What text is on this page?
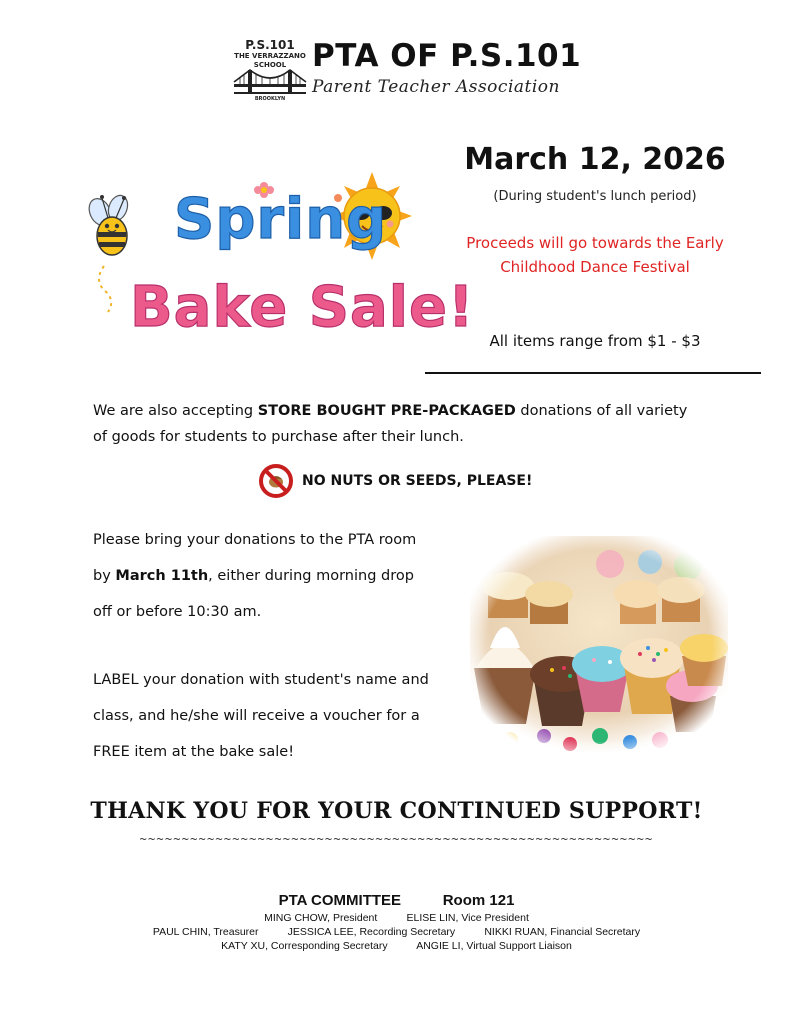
P.S.101
THE VERRAZZANO
SCHOOL
BROOKLYN
PTA OF P.S.101
Parent Teacher Association
Spring
Bake Sale!
March 12, 2026
(During student's lunch period)
Proceeds will go towards the Early
Childhood Dance Festival
All items range from $1 - $3
We are also accepting STORE BOUGHT PRE-PACKAGED donations of all variety
of goods for students to purchase after their lunch.
NO NUTS OR SEEDS, PLEASE!
Please bring your donations to the PTA room
by March 11th, either during morning drop
off or before 10:30 am.
LABEL your donation with student's name and
class, and he/she will receive a voucher for a
FREE item at the bake sale!
THANK YOU FOR YOUR CONTINUED SUPPORT!
~~~~~~~~~~~~~~~~~~~~~~~~~~~~~~~~~~~~~~~~~~~~~~~~~~~~~~~~~~~~~
PTA COMMITTEE          Room 121
MING CHOW, President          ELISE LIN, Vice President
PAUL CHIN, Treasurer          JESSICA LEE, Recording Secretary          NIKKI RUAN, Financial Secretary
KATY XU, Corresponding Secretary          ANGIE LI, Virtual Support Liaison
